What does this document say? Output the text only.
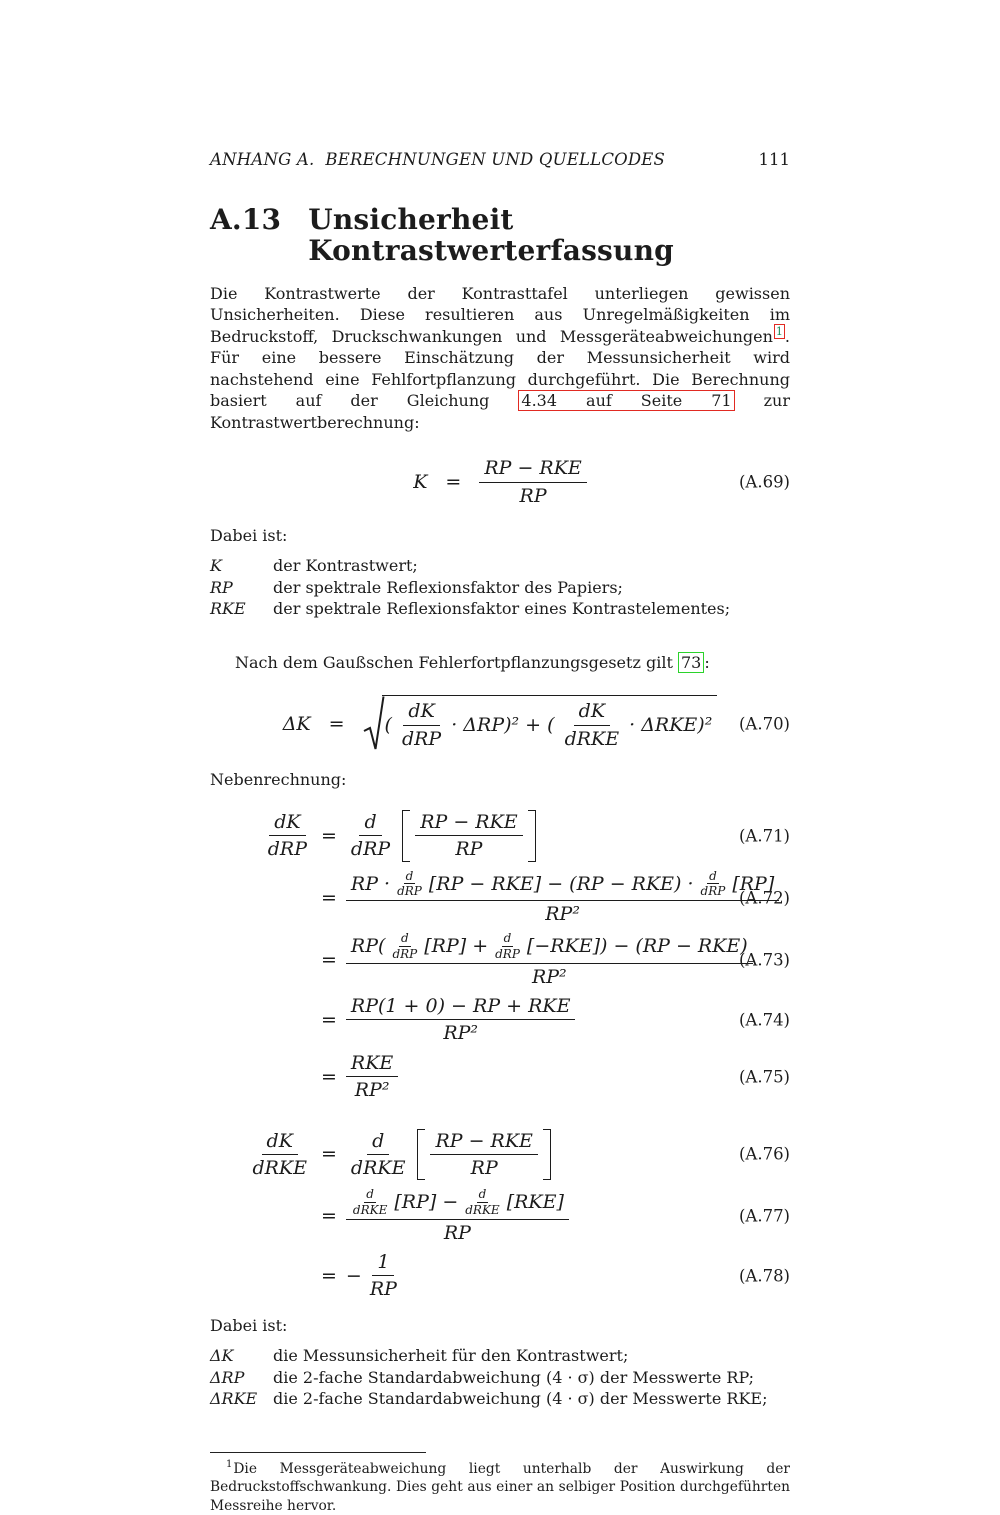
ANHANG A.  BERECHNUNGEN UND QUELLCODES	111
A.13 Unsicherheit Kontrastwerterfassung

Die Kontrastwerte der Kontrasttafel unterliegen gewissen Unsicherheiten. Diese resultieren aus Unregelmäßigkeiten im Bedruckstoff, Druckschwankungen und Messgeräteabweichungen $^1$ . Für eine bessere Einschätzung der Messunsicherheit wird nachstehend eine Fehlfortpflanzung durchgeführt. Die Berechnung basiert auf der Gleichung 4.34 auf Seite 71 zur Kontrastwertberechnung:

$K = \frac{\text{RP − RKE}}{RP}$	(A.69)

Dabei ist:

K	der Kontrastwert;
RP	der spektrale Reflexionsfaktor des Papiers;
RKE	der spektrale Reflexionsfaktor eines Kontrastelementes;

Nach dem Gaußschen Fehlerfortpflanzungsgesetz gilt 73 :

ΔK = ( $\frac{dK}{\text{dRP}} \cdot \Delta RP)^2$ + ( $\frac{dK}{\text{dRKE}} \cdot \Delta RKE)^2$ (A.70)

Nebenrechnung:

$\frac{dK}{\text{dRP}} = \frac{d}{\text{dRP}} \frac{\text{RP − RKE}}{RP}$	(A.71)
=
RP · $\frac{d}{\text{dRP}} [RP - RKE] - (RP - RKE) \cdot \frac{d}{\text{dRP}} [RP]$
RP²
(A.72)
=
$RP( \frac{d}{\text{dRP}} [RP] + \frac{d}{\text{dRP}} [-RKE]) - (RP - RKE)$
RP²
(A.73)
= $\frac{\text{RP(1 + 0) − RP + RKE}}{\text{RP²}}$	(A.74)
= $\frac{\text{RKE}}{\text{RP²}}$	(A.75)
$\frac{dK}{\text{dRKE}} = \frac{d}{\text{dRKE}} \frac{\text{RP − RKE}}{RP}$	(A.76)
= $\frac{d}{\text{dRKE}} [RP] - \frac{d}{\text{dRKE}} [RKE]$
RP
(A.77)
= − $\frac{1}{RP}$	(A.78)

Dabei ist:

ΔK	die Messunsicherheit für den Kontrastwert;
ΔRP	die 2-fache Standardabweichung (4 · σ) der Messwerte RP;
ΔRKE die 2-fache Standardabweichung (4 · σ) der Messwerte RKE;

$^1$Die Messgeräteabweichung liegt unterhalb der Auswirkung der Bedruckstoffschwankung. Dies geht aus einer an selbiger Position durchgeführten Messreihe hervor.
